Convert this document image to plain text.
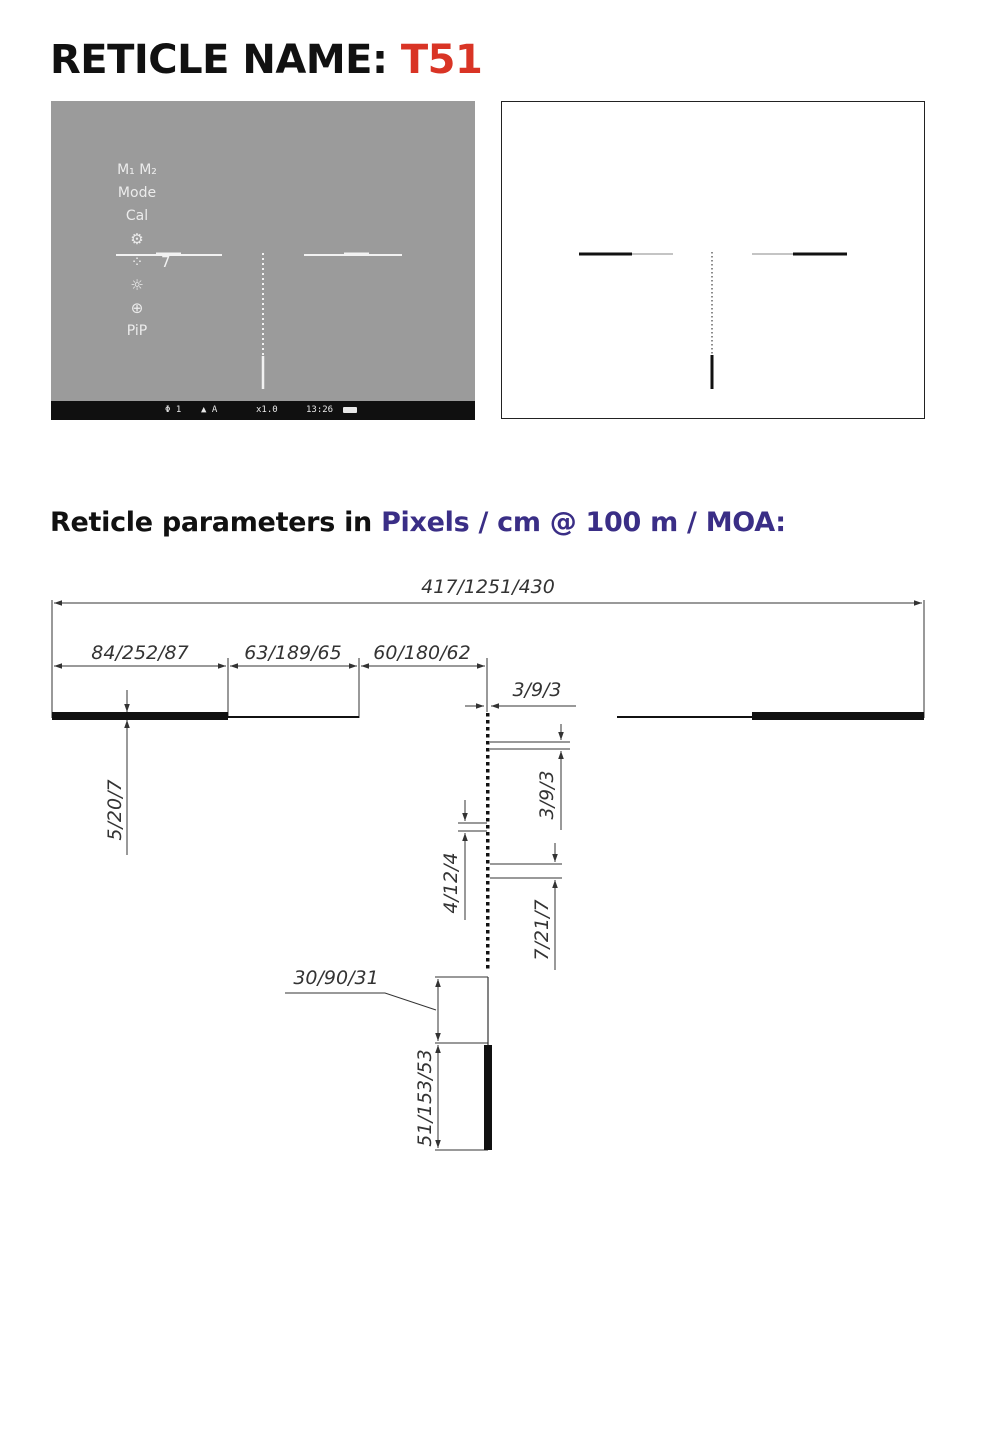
RETICLE NAME: T51
M₁ M₂
Mode
Cal
⚙
⁘
☼
⊕
PiP
7
Φ 1 ▲ A	x1.0	13:26
Reticle parameters in Pixels / cm @ 100 m / MOA:
417/1251/430
84/252/87	63/189/65 60/180/62
3/9/3
30/90/31
5/20/7	3/9/3
4/12/4
7/21/7
51/153/53
